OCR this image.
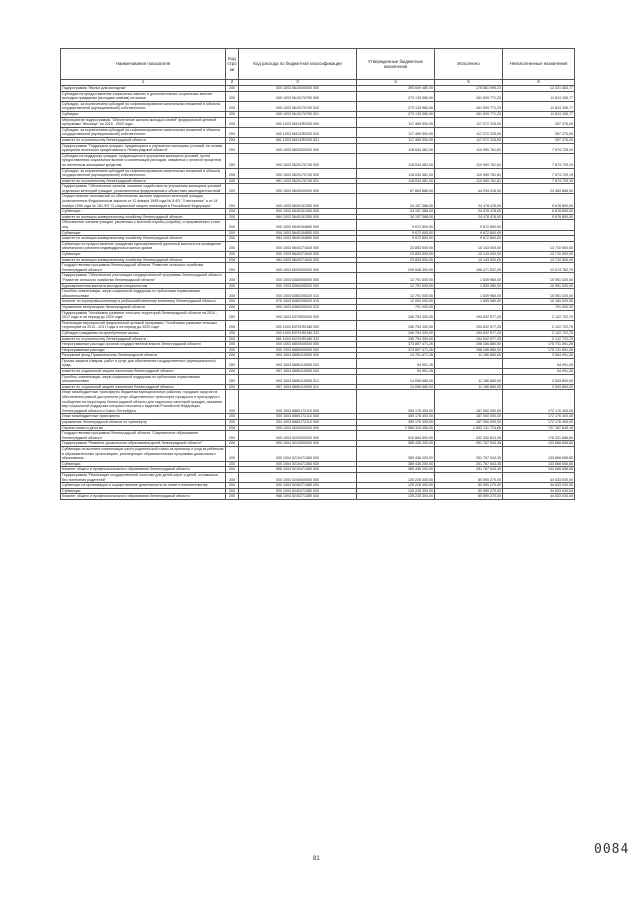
Наименование показателя	Код стро ки	Код расхода по бюджетной классификации	Утвержденные бюджетные назначения	Исполнено	Неисполненные назначения
1	2	3	4	5	6
Подпрограмма "Жилье для молодежи"	200	000 1003 5610000000 000	395 609 480,00	175 581 995,23	12 021 483,77
Субсидии на предоставление социальных выплат и дополнительных социальных выплат молодым гражданам (молодым семьям) на жилье	200	000 1003 5610170750 000	273 133 980,00	261 509 771,23	11 624 208,77
Субсидии, за исключением субсидий на софинансирование капитальных вложений в объекты государственной (муниципальной) собственности	200	000 1003 5610170750 520	273 133 980,00	261 509 771,23	11 624 208,77
Субсидии	200	000 1003 5610170750 521	273 133 980,00	261 509 771,23	11 624 208,77
Мероприятие подпрограммы "Обеспечение жильем молодых семей" федеральной целевой программы "Жилище" на 2015 - 2020 годы	200	000 1003 56101R0200 000	117 469 500,00	117 072 225,00	397 275,00
Субсидии, за исключением субсидий на софинансирование капитальных вложений в объекты государственной (муниципальной) собственности	200	000 1003 56101R0200 520	117 469 500,00	117 072 225,00	397 275,00
комитет по строительству Ленинградской области	200	981 1003 56101R0200 521	117 469 500,00	117 072 225,00	397 275,00
Подпрограмма "Поддержка граждан, нуждающихся в улучшении жилищных условий, на основе принципов ипотечного кредитования в Ленинградской области"	200	000 1003 5620000000 000	118 634 481,00	110 959 761,81	7 674 729,19
Субсидии на поддержку граждан, нуждающихся в улучшении жилищных условий, путем предоставления социальных выплат и компенсаций расходов, связанных с уплатой процентов по ипотечным жилищным кредитам	200	000 1003 5620170740 000	118 634 481,00	110 959 761,81	7 674 729,19
Субсидии, за исключением субсидий на софинансирование капитальных вложений в объекты государственной (муниципальной) собственности	200	000 1003 5620170740 520	118 634 481,00	110 959 761,81	7 674 729,19
комитет по строительству Ленинградской области	200	981 1003 5620170740 521	118 634 481,00	110 959 761,81	7 674 729,19
Подпрограмма "Обеспечение жильем, оказание содействия по улучшению жилищных условий отдельных категорий граждан, установленных федеральным и областным законодательством"	200	000 1003 5640000000 000	67 663 886,00	44 294 218,00	23 369 668,00
Осуществление полномочий по обеспечению жильем отдельных категорий граждан, установленных Федеральным законом от 12 января 1995 года № 5-ФЗ "О ветеранах" и от 24 ноября 1995 года № 181-ФЗ "О социальной защите инвалидов в Российской Федерации"	200	000 1003 5640151350 000	34 157 388,00	24 478 478,00	9 678 890,00
Субвенции	200	000 1003 5640151350 530	34 157 388,00	24 478 478,00	9 678 890,00
комитет по жилищно-коммунальному хозяйству Ленинградской области	200	984 1003 5640151350 530	34 157 388,00	24 478 478,00	9 678 890,00
Обеспечение жильем граждан, уволенных с военной службы (службы), и приравненных к ним лиц	200	000 1003 5640154850 000	9 672 800,00	9 672 800,00	
Субвенции	200	000 1003 5640154850 530	9 672 800,00	9 672 800,00	
комитет по жилищно-коммунальному хозяйству Ленинградской области	200	984 1003 5640154850 530	9 672 800,00	9 672 800,00	
Субвенции на предоставление гражданам единовременной денежной выплаты на проведение капитального ремонта индивидуальных жилых домов	200	000 1003 5640271640 000	23 853 500,00	10 143 000,00	13 710 500,00
Субвенции	200	000 1003 5640271640 530	23 853 500,00	10 143 000,00	13 710 500,00
комитет по жилищно-коммунальному хозяйству Ленинградской области	200	984 1003 5640271640 530	23 853 500,00	10 143 000,00	13 710 500,00
Государственная программа Ленинградской области "Развитие сельского хозяйства Ленинградской области"	200	000 1003 6000000000 000	209 546 300,00	196 471 537,25	13 074 762,75
Подпрограмма "Обеспечение реализации государственной программы Ленинградской области "Развитие сельского хозяйства Ленинградской области"	200	000 1003 6380000000 000	12 791 000,00	1 839 980,00	10 951 020,00
Единовременная выплата молодым специалистам	200	000 1003 6380205020 000	12 791 000,00	1 839 980,00	10 951 020,00
Пособия, компенсации, меры социальной поддержки по публичным нормативным обязательствам	200	000 1003 6380205020 313	12 791 000,00	1 839 980,00	10 951 020,00
Комитет по агропромышленному и рыбохозяйственному комплексу Ленинградской области	200	975 1003 6380205020 313	12 000 000,00	1 839 980,00	10 160 020,00
Управление ветеринарии Ленинградской области	200	990 1003 6380205020 313	791 000,00		791 000,00
Подпрограмма "Устойчивое развитие сельских территорий Ленинградской области на 2014 - 2017 годы и на период до 2020 года"	200	000 1003 6370000000 000	196 754 300,00	194 632 577,25	2 122 722,75
Реализация мероприятий федеральной целевой программы "Устойчивое развитие сельских территорий на 2014 - 2017 годы и на период до 2020 года"	200	000 1003 63701R0180 000	196 754 300,00	194 632 577,25	2 122 722,75
Субсидии гражданам на приобретение жилья	200	000 1003 63701R0180 322	196 754 300,00	194 632 577,25	2 122 722,75
комитет по строительству Ленинградской области	200	981 1003 63701R0180 322	196 754 300,00	194 632 577,25	2 122 722,75
Непрограммные расходы органов государственной власти Ленинградской области	200	000 1003 6800000000 000	373 897 471,26	198 166 880,00	175 731 591,26
Непрограммные расходы	200	000 1003 6860000000 000	373 897 471,26	198 166 880,00	175 731 591,26
Резервный фонд Правительства Ленинградской области	200	000 1003 6860110050 000	14 751 671,26	11 186 880,00	3 564 991,26
Прочая закупка товаров, работ и услуг для обеспечения государственных (муниципальных) нужд	200	000 1003 6860110050 244	54 991,26		54 991,26
комитет по социальной защите населения Ленинградской области	200	957 1003 6860110050 244	54 991,26		54 991,26
Пособия, компенсации, меры социальной поддержки по публичным нормативным обязательствам	200	000 1003 6860110050 312	14 696 680,00	11 186 880,00	3 509 800,00
комитет по социальной защите населения Ленинградской области	200	957 1003 6860110050 312	14 696 680,00	11 186 880,00	3 509 800,00
Иные межбюджетные трансферты бюджетам муниципальных районов, городских округов на обеспечение равной доступности услуг общественного транспорта городского и пригородного сообщения на территории Ленинградской области для отдельных категорий граждан, оказание мер социальной поддержки которым относится к ведению Российской Федерации, Ленинградской области и Санкт-Петербурга	200	000 1003 6860172110 000	359 176 400,00	187 000 000,00	172 176 400,00
Иные межбюджетные трансферты	200	000 1003 6860172110 540	359 176 400,00	187 000 000,00	172 176 400,00
управление Ленинградской области по транспорту	200	254 1003 6860172110 540	359 176 400,00	187 000 000,00	172 176 400,00
Охрана семьи и детства	200	000 1004 0000000000 000	2 589 329 450,00	1 852 141 724,66	737 187 845,16
Государственная программа Ленинградской области "Современное образование Ленинградской области"	200	000 1004 5200000000 000	510 664 500,00	332 342 813,35	178 321 686,65
Подпрограмма "Развитие дошкольного образования детей Ленинградской области"	200	000 1004 5210000000 000	385 436 200,00	251 767 543,35	133 668 656,65
Субвенции на выплате компенсации части родительской платы за присмотр и уход за ребенком в образовательных организациях, реализующих образовательные программы дошкольного образования	200	000 1004 5210471360 000	385 436 200,00	251 767 543,35	133 668 656,65
Субвенции	200	000 1004 5210471360 530	385 436 200,00	251 767 543,35	133 668 656,65
Комитет общего и профессионального образования Ленинградской области	200	968 1004 5210471360 530	385 436 200,00	251 767 543,35	133 668 656,65
Подпрограмма "Реализация государственной политики для детей-сирот и детей, оставшихся без попечения родителей"	200	000 1004 5240000000 000	125 228 300,00	80 595 270,00	44 633 030,00
Субвенции на организацию и осуществление деятельности по опеке и попечительству	200	000 1004 5240271380 000	125 228 300,00	80 595 270,00	44 633 030,00
Субвенции	200	000 1004 5240271380 530	125 228 300,00	80 595 270,00	44 633 030,00
Комитет общего и профессионального образования Ленинградской области	200	968 1004 5240271380 530	125 228 300,00	80 595 270,00	44 633 030,00
81
0084
